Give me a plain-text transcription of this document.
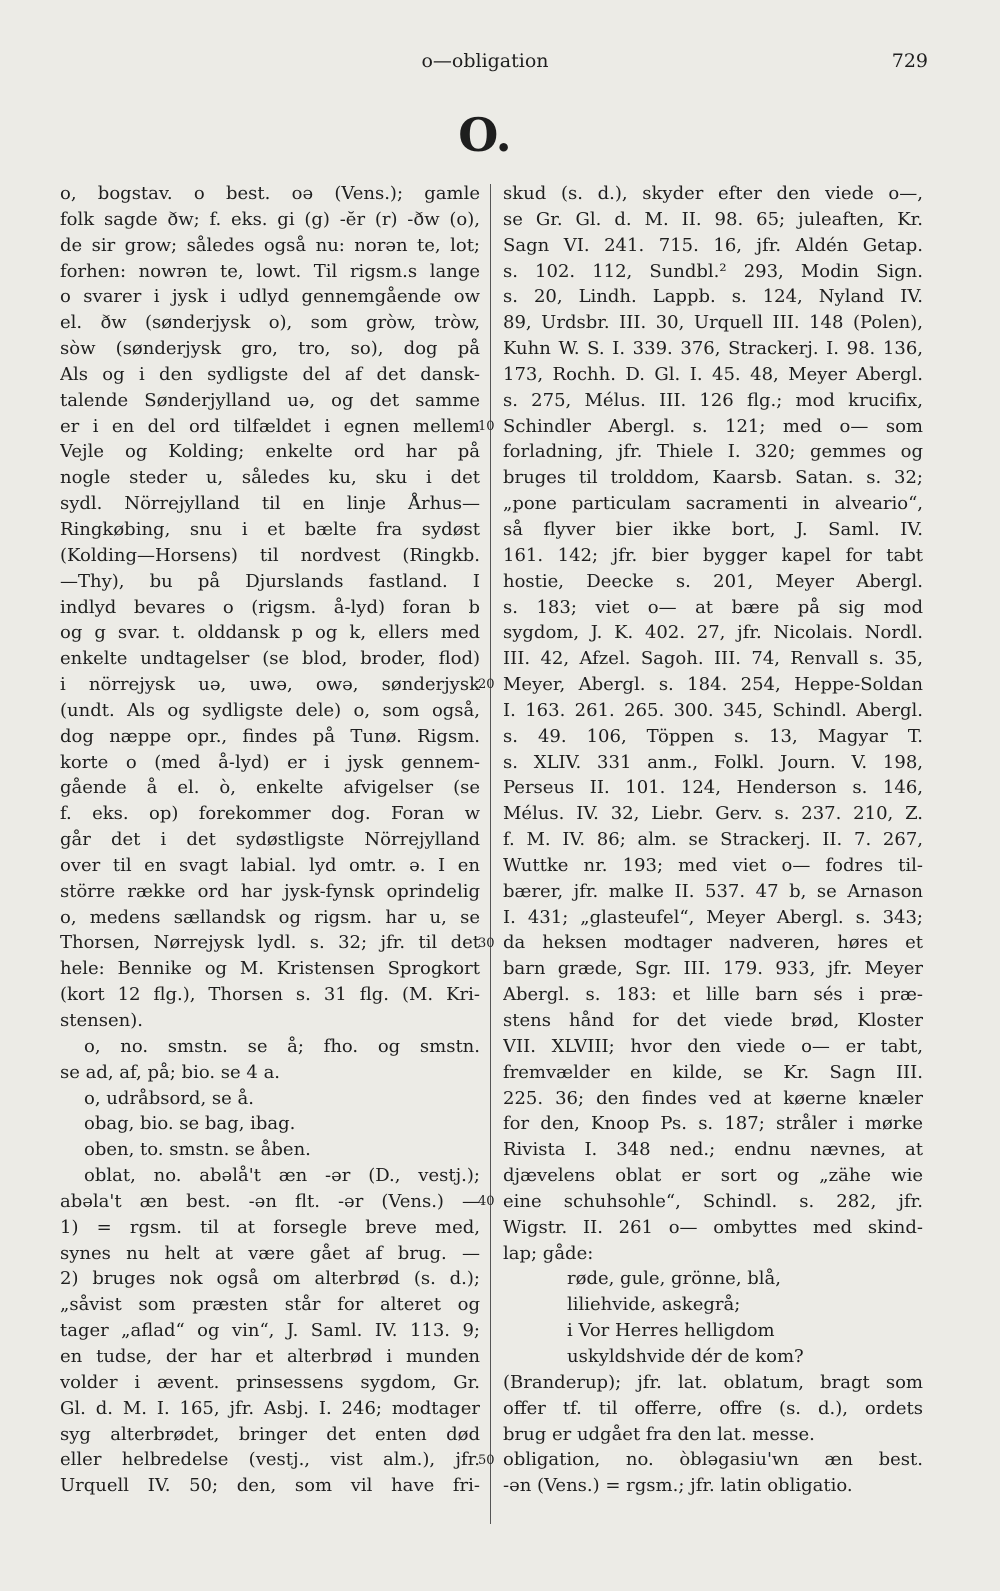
o—obligation	729
O.
o, bogstav. o best. oə (Vens.); gamle
folk sagde ðw; f. eks. gi (g) -ĕr (r) -ðw (o),
de sir grow; således også nu: norən te, lot;
forhen: nowrən te, lowt. Til rigsm.s lange
o svarer i jysk i udlyd gennemgående ow
el. ðw (sønderjysk o), som gròw, tròw,
sòw (sønderjysk gro, tro, so), dog på
Als og i den sydligste del af det dansk-
talende Sønderjylland uə, og det samme
er i en del ord tilfældet i egnen mellem
Vejle og Kolding; enkelte ord har på
nogle steder u, således ku, sku i det
sydl. Nörrejylland til en linje Århus—
Ringkøbing, snu i et bælte fra sydøst
(Kolding—Horsens) til nordvest (Ringkb.
—Thy), bu på Djurslands fastland. I
indlyd bevares o (rigsm. å-lyd) foran b
og g svar. t. olddansk p og k, ellers med
enkelte undtagelser (se blod, broder, flod)
i nörrejysk uə, uwə, owə, sønderjysk
(undt. Als og sydligste dele) o, som også,
dog næppe opr., findes på Tunø. Rigsm.
korte o (med å-lyd) er i jysk gennem-
gående å el. ò, enkelte afvigelser (se
f. eks. op) forekommer dog. Foran w
går det i det sydøstligste Nörrejylland
over til en svagt labial. lyd omtr. ə. I en
större række ord har jysk-fynsk oprindelig
o, medens sællandsk og rigsm. har u, se
Thorsen, Nørrejysk lydl. s. 32; jfr. til det
hele: Bennike og M. Kristensen Sprogkort
(kort 12 flg.), Thorsen s. 31 flg. (M. Kri-
stensen).
o, no. smstn. se å; fho. og smstn.
se ad, af, på; bio. se 4 a.
o, udråbsord, se å.
obag, bio. se bag, ibag.
oben, to. smstn. se åben.
oblat, no. abəlå't æn -ər (D., vestj.);
abəla't æn best. -ən flt. -ər (Vens.) —
1) = rgsm. til at forsegle breve med,
synes nu helt at være gået af brug. —
2) bruges nok også om alterbrød (s. d.);
„såvist som præsten står for alteret og
tager „aflad“ og vin“, J. Saml. IV. 113. 9;
en tudse, der har et alterbrød i munden
volder i ævent. prinsessens sygdom, Gr.
Gl. d. M. I. 165, jfr. Asbj. I. 246; modtager
syg alterbrødet, bringer det enten død
eller helbredelse (vestj., vist alm.), jfr.
Urquell IV. 50; den, som vil have fri-
skud (s. d.), skyder efter den viede o—,
se Gr. Gl. d. M. II. 98. 65; juleaften, Kr.
Sagn VI. 241. 715. 16, jfr. Aldén Getap.
s. 102. 112, Sundbl.² 293, Modin Sign.
s. 20, Lindh. Lappb. s. 124, Nyland IV.
89, Urdsbr. III. 30, Urquell III. 148 (Polen),
Kuhn W. S. I. 339. 376, Strackerj. I. 98. 136,
173, Rochh. D. Gl. I. 45. 48, Meyer Abergl.
s. 275, Mélus. III. 126 flg.; mod krucifix,
Schindler Abergl. s. 121; med o— som
forladning, jfr. Thiele I. 320; gemmes og
bruges til trolddom, Kaarsb. Satan. s. 32;
„pone particulam sacramenti in alveario“,
så flyver bier ikke bort, J. Saml. IV.
161. 142; jfr. bier bygger kapel for tabt
hostie, Deecke s. 201, Meyer Abergl.
s. 183; viet o— at bære på sig mod
sygdom, J. K. 402. 27, jfr. Nicolais. Nordl.
III. 42, Afzel. Sagoh. III. 74, Renvall s. 35,
Meyer, Abergl. s. 184. 254, Heppe-Soldan
I. 163. 261. 265. 300. 345, Schindl. Abergl.
s. 49. 106, Töppen s. 13, Magyar T.
s. XLIV. 331 anm., Folkl. Journ. V. 198,
Perseus II. 101. 124, Henderson s. 146,
Mélus. IV. 32, Liebr. Gerv. s. 237. 210, Z.
f. M. IV. 86; alm. se Strackerj. II. 7. 267,
Wuttke nr. 193; med viet o— fodres til-
bærer, jfr. malke II. 537. 47 b, se Arnason
I. 431; „glasteufel“, Meyer Abergl. s. 343;
da heksen modtager nadveren, høres et
barn græde, Sgr. III. 179. 933, jfr. Meyer
Abergl. s. 183: et lille barn sés i præ-
stens hånd for det viede brød, Kloster
VII. XLVIII; hvor den viede o— er tabt,
fremvælder en kilde, se Kr. Sagn III.
225. 36; den findes ved at køerne knæler
for den, Knoop Ps. s. 187; stråler i mørke
Rivista I. 348 ned.; endnu nævnes, at
djævelens oblat er sort og „zähe wie
eine schuhsohle“, Schindl. s. 282, jfr.
Wigstr. II. 261 o— ombyttes med skind-
lap; gåde:
røde, gule, grönne, blå,
liliehvide, askegrå;
i Vor Herres helligdom
uskyldshvide dér de kom?
(Branderup); jfr. lat. oblatum, bragt som
offer tf. til offerre, offre (s. d.), ordets
brug er udgået fra den lat. messe.
obligation, no. òbləgasiu'wn æn best.
-ən (Vens.) = rgsm.; jfr. latin obligatio.
10
20
30
40
50
